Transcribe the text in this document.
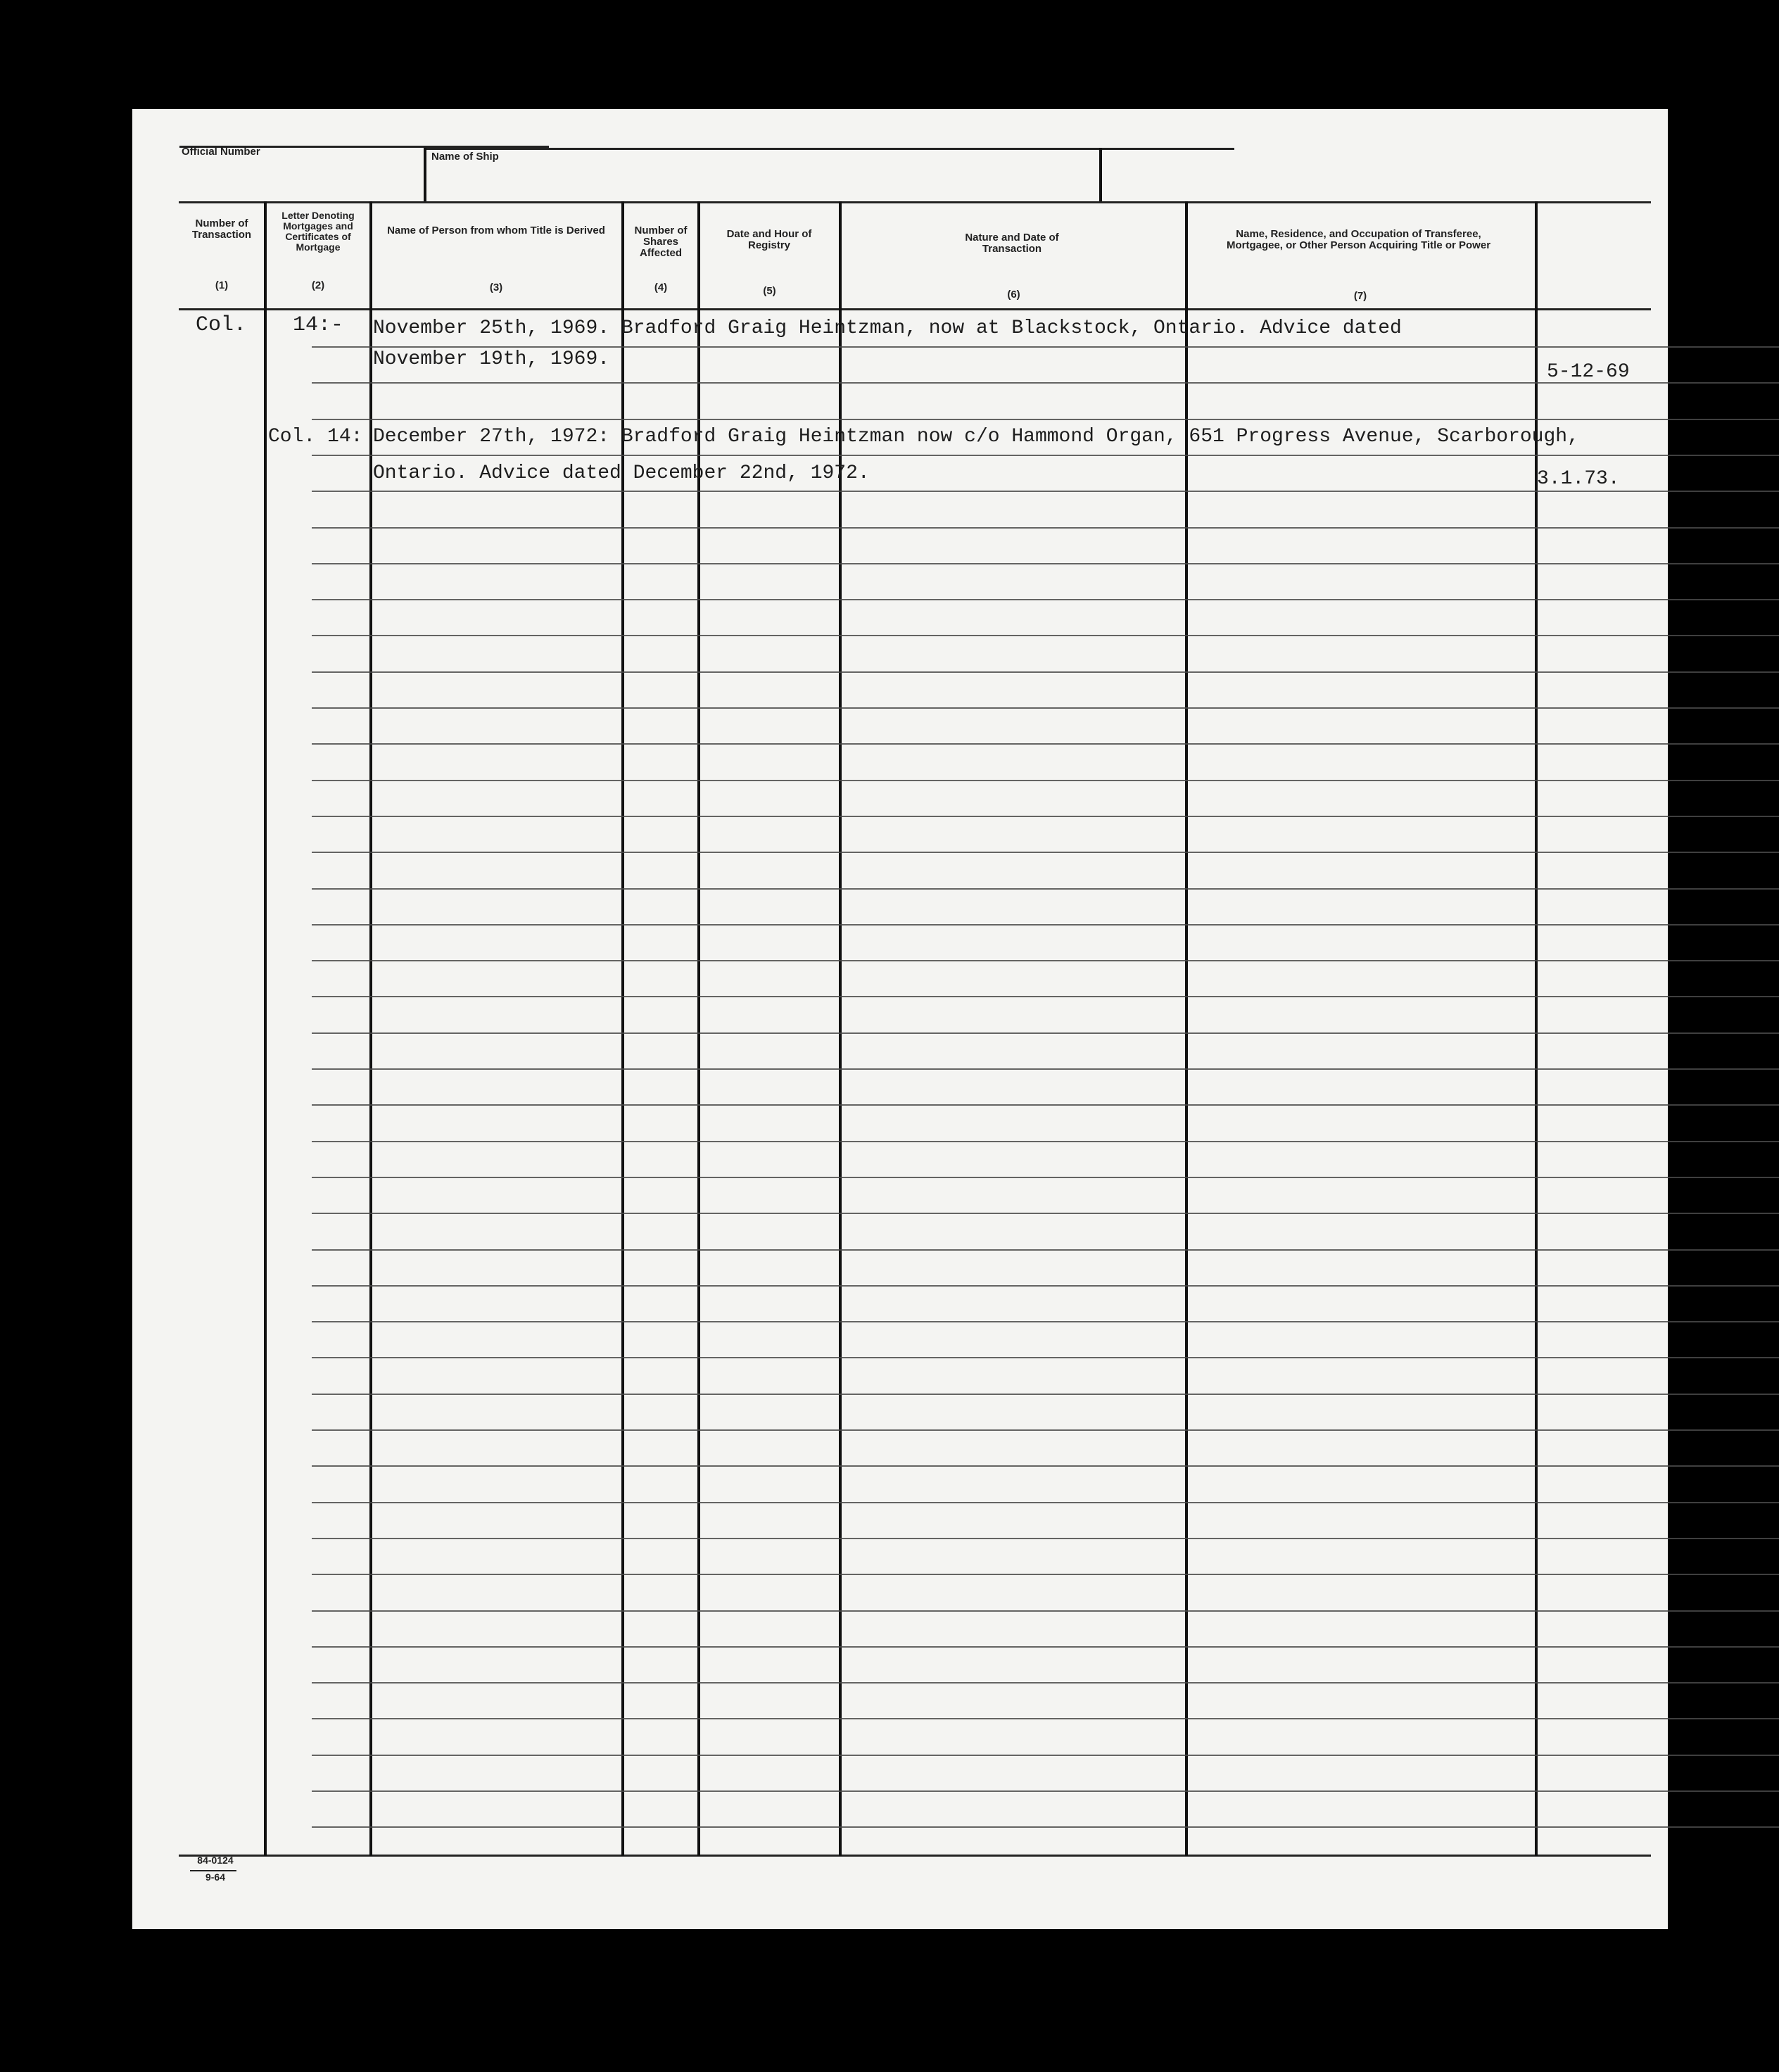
Official Number	Name of Ship
Number of Transaction
(1)
Letter Denoting Mortgages and Certificates of Mortgage
(2)
Name of Person from whom Title is Derived
(3)
Number of Shares Affected
(4)
Date and Hour of Registry
(5)
Nature and Date of Transaction
(6)
Name, Residence, and Occupation of Transferee, Mortgagee, or Other Person Acquiring Title or Power
(7)
Col. 14:- November 25th, 1969. Bradford Graig Heintzman, now at Blackstock, Ontario. Advice dated
November 19th, 1969.
5-12-69
Col. 14: December 27th, 1972: Bradford Graig Heintzman now c/o Hammond Organ, 651 Progress Avenue, Scarborough,
Ontario. Advice dated December 22nd, 1972.	3.1.73.
84-0124
9-64
